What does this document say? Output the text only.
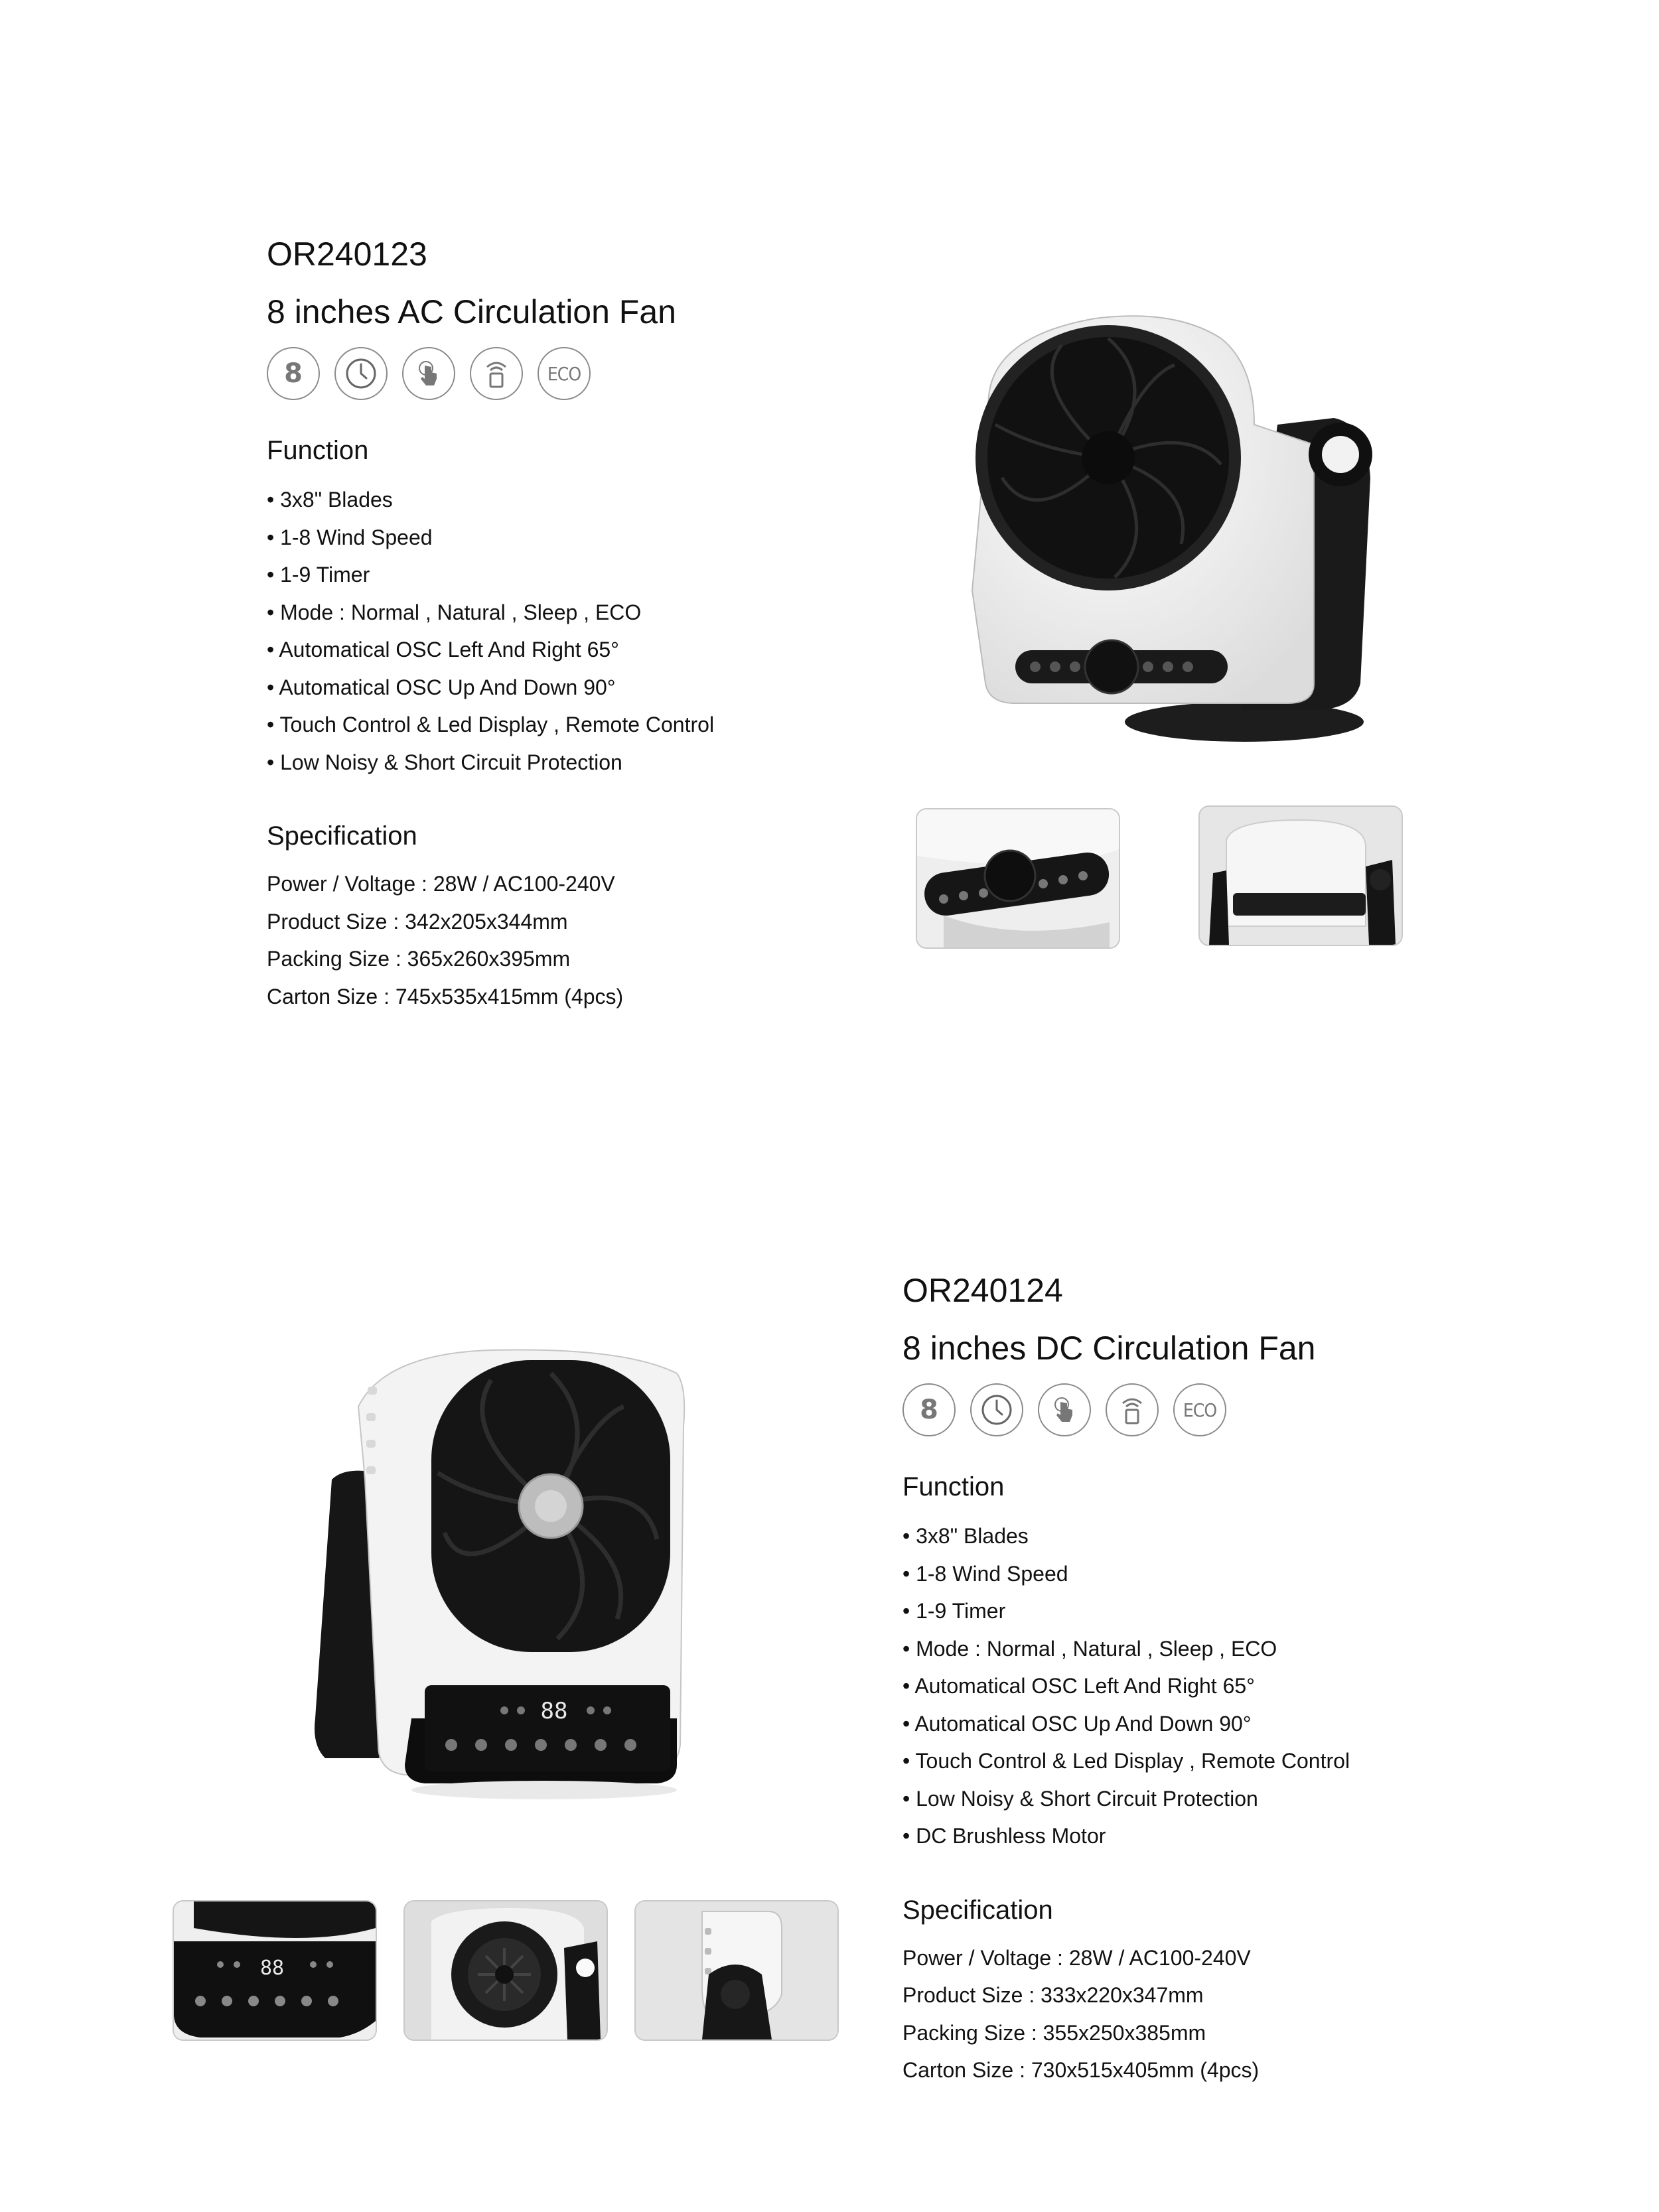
OR240123
8 inches AC Circulation Fan
8	ECO
Function
• 3x8" Blades
• 1-8 Wind Speed
• 1-9 Timer
• Mode : Normal , Natural , Sleep , ECO
• Automatical OSC Left And Right 65°
• Automatical OSC Up And Down 90°
• Touch Control & Led Display , Remote Control
• Low Noisy & Short Circuit Protection
Specification

Power / Voltage : 28W / AC100-240V

Product Size : 342x205x344mm

Packing Size : 365x260x395mm

Carton Size : 745x535x415mm (4pcs)

OR240124
8 inches DC Circulation Fan
8	ECO
Function
• 3x8" Blades
• 1-8 Wind Speed
• 1-9 Timer
• Mode : Normal , Natural , Sleep , ECO
• Automatical OSC Left And Right 65°
• Automatical OSC Up And Down 90°
• Touch Control & Led Display , Remote Control
• Low Noisy & Short Circuit Protection
• DC Brushless Motor
Specification

Power / Voltage : 28W / AC100-240V

Product Size : 333x220x347mm

Packing Size : 355x250x385mm

Carton Size : 730x515x405mm (4pcs)

88
88
